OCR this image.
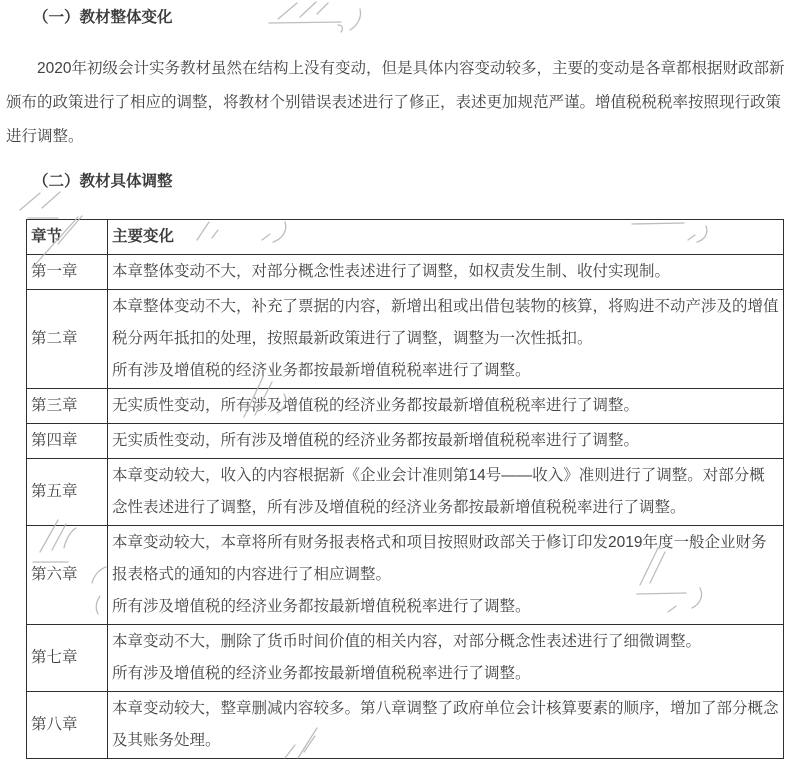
（一）教材整体变化

2020年初级会计实务教材虽然在结构上没有变动，但是具体内容变动较多，主要的变动是各章都根据财政部新颁布的政策进行了相应的调整，将教材个别错误表述进行了修正，表述更加规范严谨。增值税税税率按照现行政策进行调整。

（二）教材具体调整
章节	主要变化
第一章	本章整体变动不大，对部分概念性表述进行了调整，如权责发生制、收付实现制。

第二章	本章整体变动不大，补充了票据的内容，新增出租或出借包装物的核算，将购进不动产涉及的增值税分两年抵扣的处理，按照最新政策进行了调整，调整为一次性抵扣。

所有涉及增值税的经济业务都按最新增值税税率进行了调整。

第三章	无实质性变动，所有涉及增值税的经济业务都按最新增值税税率进行了调整。

第四章	无实质性变动，所有涉及增值税的经济业务都按最新增值税税率进行了调整。

第五章	本章变动较大，收入的内容根据新《企业会计准则第14号——收入》准则进行了调整。对部分概念性表述进行了调整，所有涉及增值税的经济业务都按最新增值税税率进行了调整。

第六章	本章变动较大，本章将所有财务报表格式和项目按照财政部关于修订印发2019年度一般企业财务报表格式的通知的内容进行了相应调整。

所有涉及增值税的经济业务都按最新增值税税率进行了调整。

第七章	本章变动不大，删除了货币时间价值的相关内容，对部分概念性表述进行了细微调整。

所有涉及增值税的经济业务都按最新增值税税率进行了调整。

第八章	本章变动较大，整章删减内容较多。第八章调整了政府单位会计核算要素的顺序，增加了部分概念及其账务处理。
